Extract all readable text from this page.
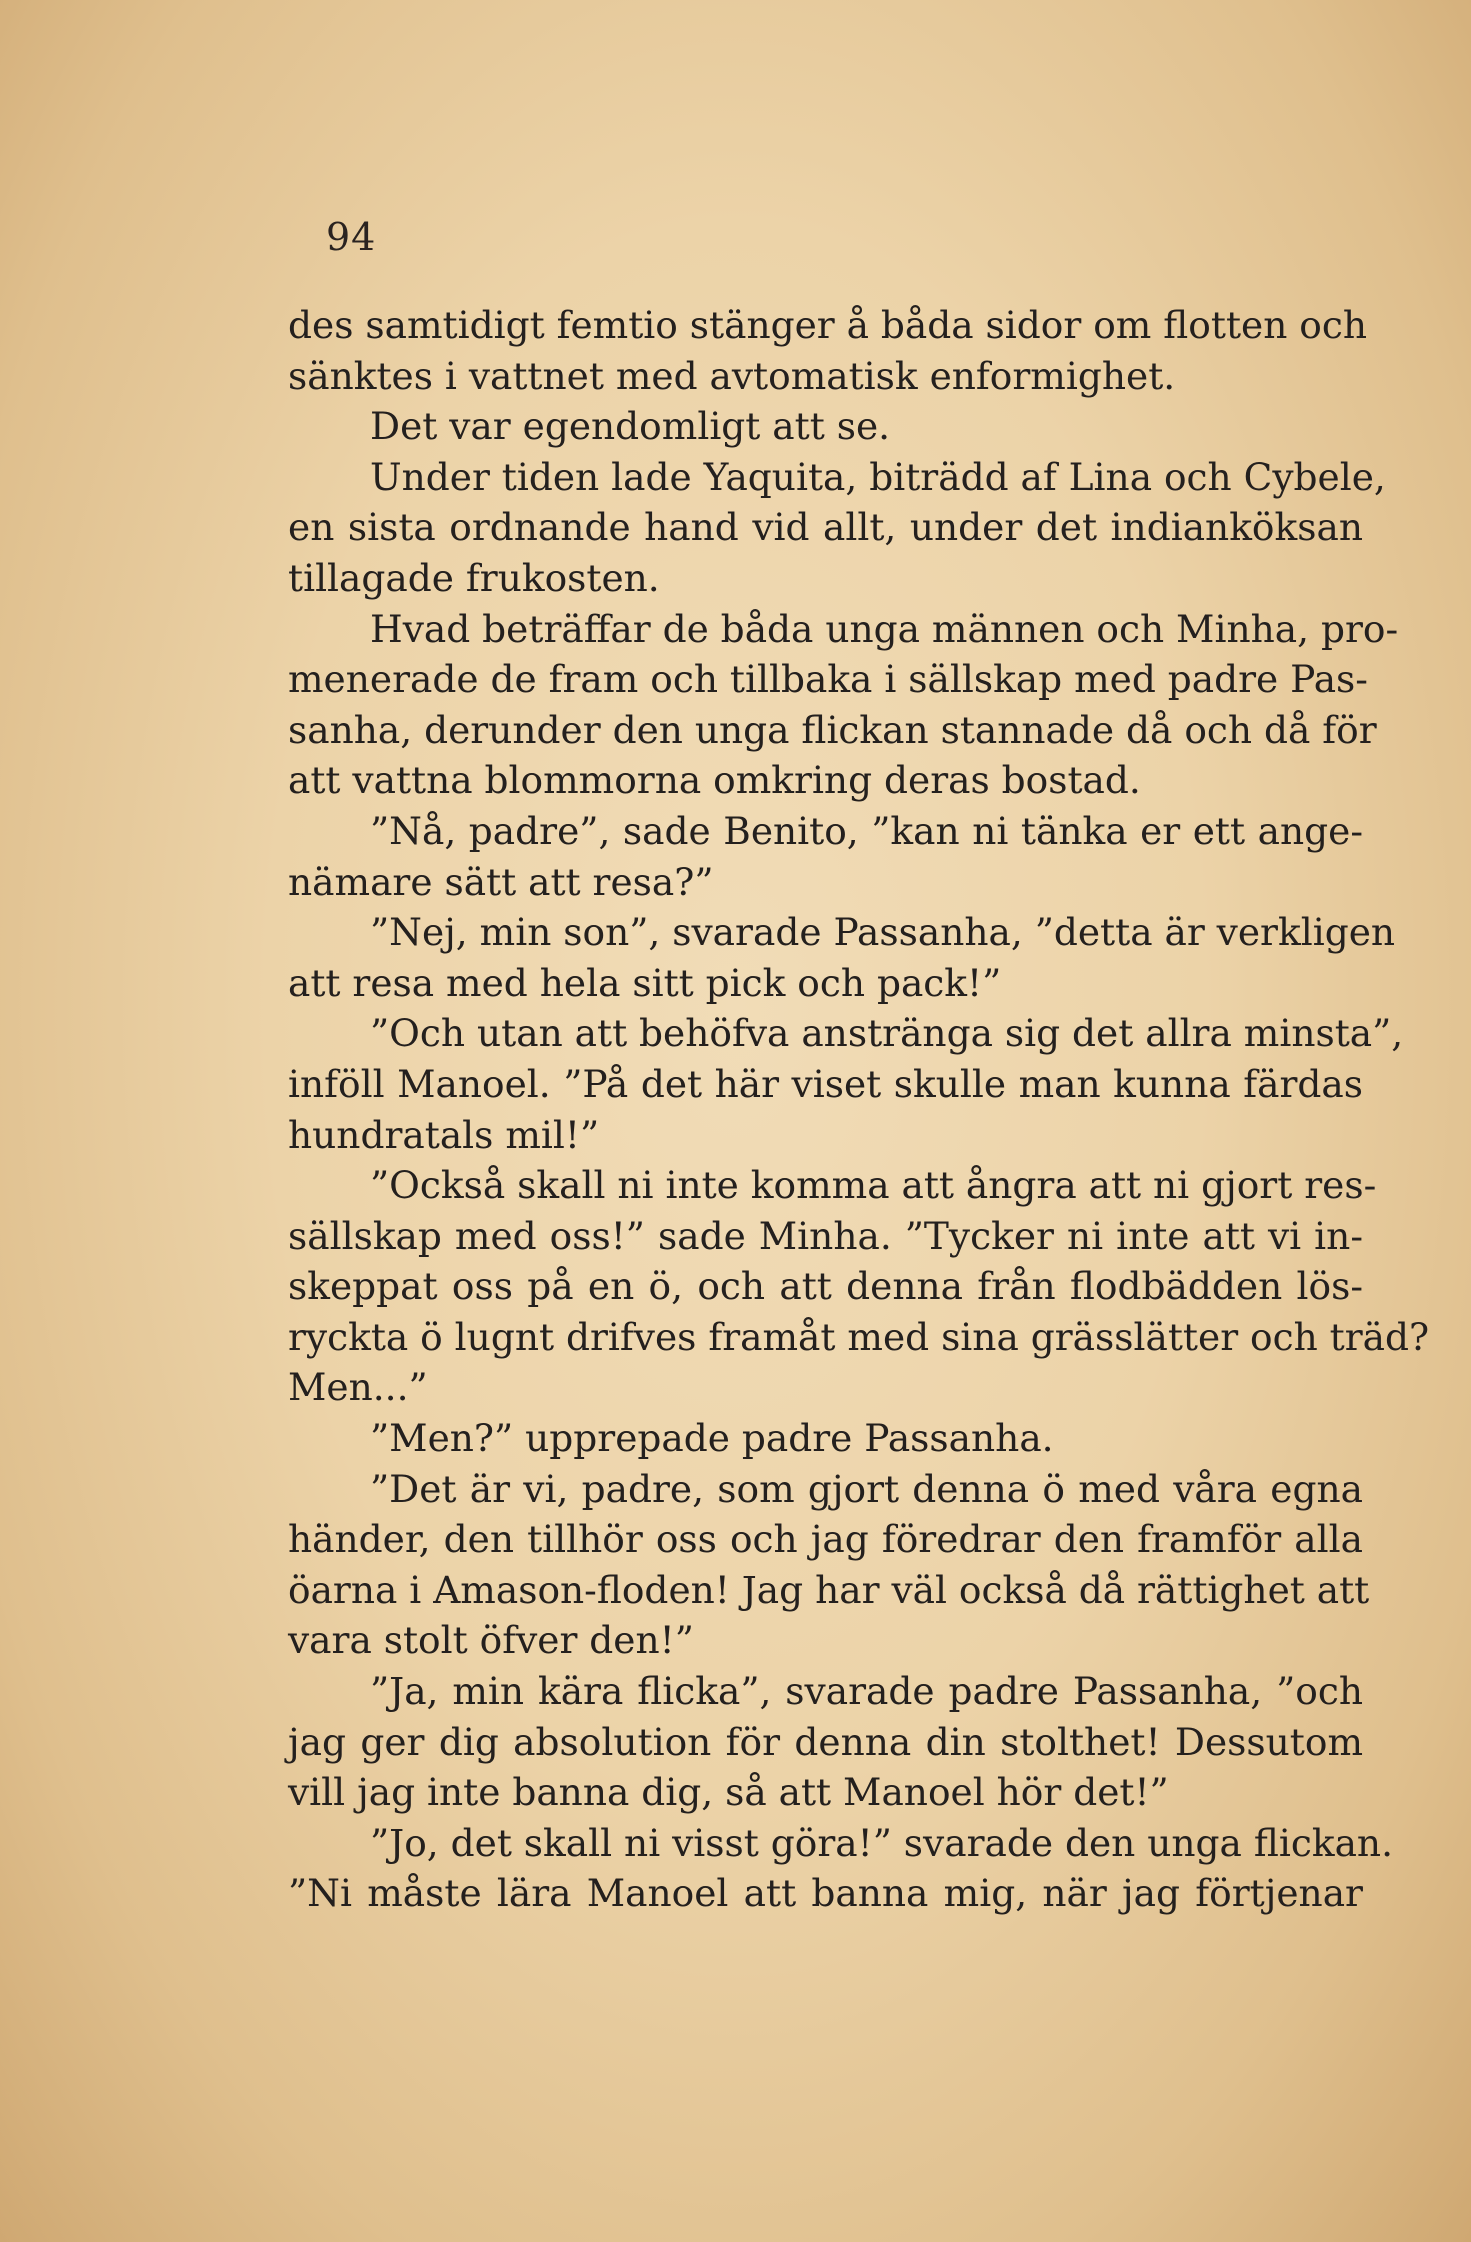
94
des samtidigt femtio stänger å båda sidor om flotten och
sänktes i vattnet med avtomatisk enformighet.
Det var egendomligt att se.
Under tiden lade Yaquita, biträdd af Lina och Cybele,
en sista ordnande hand vid allt, under det indianköksan
tillagade frukosten.
Hvad beträffar de båda unga männen och Minha, pro-
menerade de fram och tillbaka i sällskap med padre Pas-
sanha, derunder den unga flickan stannade då och då för
att vattna blommorna omkring deras bostad.
”Nå, padre”, sade Benito, ”kan ni tänka er ett ange-
nämare sätt att resa?”
”Nej, min son”, svarade Passanha, ”detta är verkligen
att resa med hela sitt pick och pack!”
”Och utan att behöfva anstränga sig det allra minsta”,
inföll Manoel. ”På det här viset skulle man kunna färdas
hundratals mil!”
”Också skall ni inte komma att ångra att ni gjort res-
sällskap med oss!” sade Minha. ”Tycker ni inte att vi in-
skeppat oss på en ö, och att denna från flodbädden lös-
ryckta ö lugnt drifves framåt med sina grässlätter och träd?
Men...”
”Men?” upprepade padre Passanha.
”Det är vi, padre, som gjort denna ö med våra egna
händer, den tillhör oss och jag föredrar den framför alla
öarna i Amason-floden! Jag har väl också då rättighet att
vara stolt öfver den!”
”Ja, min kära flicka”, svarade padre Passanha, ”och
jag ger dig absolution för denna din stolthet! Dessutom
vill jag inte banna dig, så att Manoel hör det!”
”Jo, det skall ni visst göra!” svarade den unga flickan.
”Ni måste lära Manoel att banna mig, när jag förtjenar
